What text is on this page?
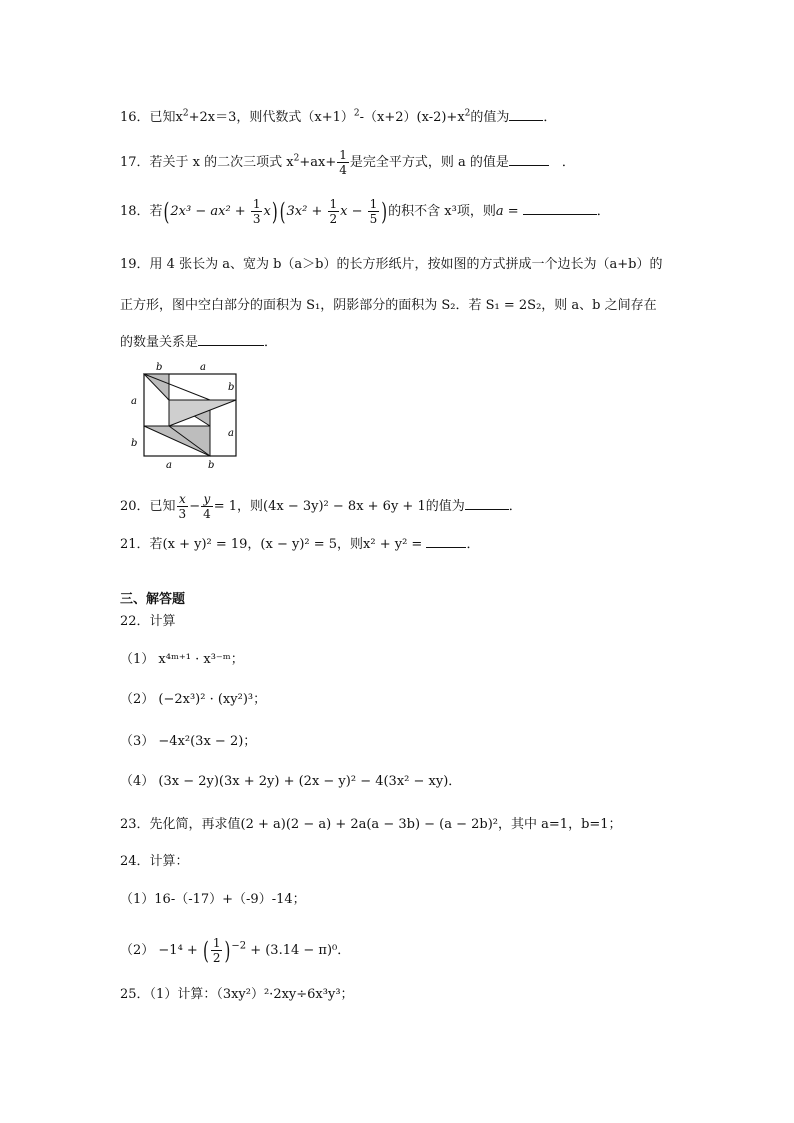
16．已知$x^2+2x=3$，则代数式$(x+1)^2-(x+2)(x-2)+x^2$的值为	．
17．若关于 x 的二次三项式 $x^2+ax+ \frac{1}{4}$ 是完全平方式，则 a 的值是	　．
18．若$(2x^3 - ax^2 + \frac{1}{3} x)$ ($3x^2 + \frac{1}{2}$ $x - \frac{1}{5}$ )的积不含 x³项，则a =	．
19．用 4 张长为 a、宽为 b（a＞b）的长方形纸片，按如图的方式拼成一个边长为（a+b）的
正方形，图中空白部分的面积为 S₁，阴影部分的面积为 S₂．若 S₁ = 2S₂，则 a、b 之间存在
的数量关系是	．
b	a
b
a
a
b
a	b
20．已知 $\frac{x}{3} - \frac{y}{4} = 1$，则(4x − 3y)² − 8x + 6y + 1的值为	．
21．若(x + y)² = 19，(x − y)² = 5，则x² + y² =	．
三、解答题
22．计算
（1） x⁴ᵐ⁺¹ · x³⁻ᵐ；
（2） (−2x³)² · (xy²)³；
（3） −4x²(3x − 2)；
（4） (3x − 2y)(3x + 2y) + (2x − y)² − 4(3x² − xy)．
23．先化简，再求值(2 + a)(2 − a) + 2a(a − 3b) − (a − 2b)²，其中 a=1，b=1；
24．计算：
（1）16-（-17）+（-9）-14；
（2） −1⁴ + ( $\frac{1}{2} )^{-2} + (3.14 - \pi)^0$．
25．（1）计算：（3xy²）²·2xy÷6x³y³；
